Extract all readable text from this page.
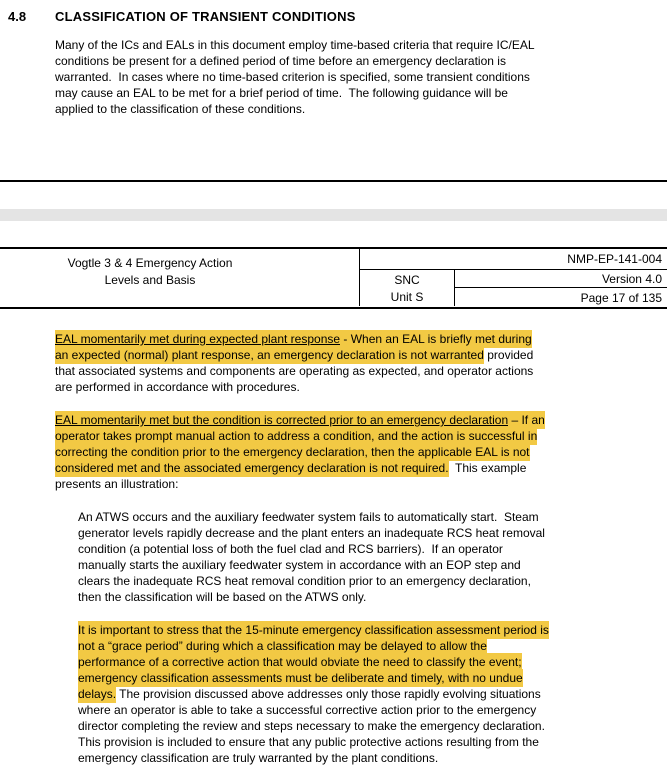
4.8 CLASSIFICATION OF TRANSIENT CONDITIONS
Many of the ICs and EALs in this document employ time-based criteria that require IC/EAL
conditions be present for a defined period of time before an emergency declaration is
warranted.  In cases where no time-based criterion is specified, some transient conditions
may cause an EAL to be met for a brief period of time.  The following guidance will be
applied to the classification of these conditions.
Vogtle 3 & 4 Emergency Action
Levels and Basis
NMP-EP-141-004
SNC
Unit S
Version 4.0
Page 17 of 135
EAL momentarily met during expected plant response - When an EAL is briefly met during
an expected (normal) plant response, an emergency declaration is not warranted provided
that associated systems and components are operating as expected, and operator actions
are performed in accordance with procedures.
EAL momentarily met but the condition is corrected prior to an emergency declaration – If an
operator takes prompt manual action to address a condition, and the action is successful in
correcting the condition prior to the emergency declaration, then the applicable EAL is not
considered met and the associated emergency declaration is not required.  This example
presents an illustration:
An ATWS occurs and the auxiliary feedwater system fails to automatically start.  Steam
generator levels rapidly decrease and the plant enters an inadequate RCS heat removal
condition (a potential loss of both the fuel clad and RCS barriers).  If an operator
manually starts the auxiliary feedwater system in accordance with an EOP step and
clears the inadequate RCS heat removal condition prior to an emergency declaration,
then the classification will be based on the ATWS only.
It is important to stress that the 15-minute emergency classification assessment period is
not a “grace period” during which a classification may be delayed to allow the
performance of a corrective action that would obviate the need to classify the event;
emergency classification assessments must be deliberate and timely, with no undue
delays. The provision discussed above addresses only those rapidly evolving situations
where an operator is able to take a successful corrective action prior to the emergency
director completing the review and steps necessary to make the emergency declaration.
This provision is included to ensure that any public protective actions resulting from the
emergency classification are truly warranted by the plant conditions.
